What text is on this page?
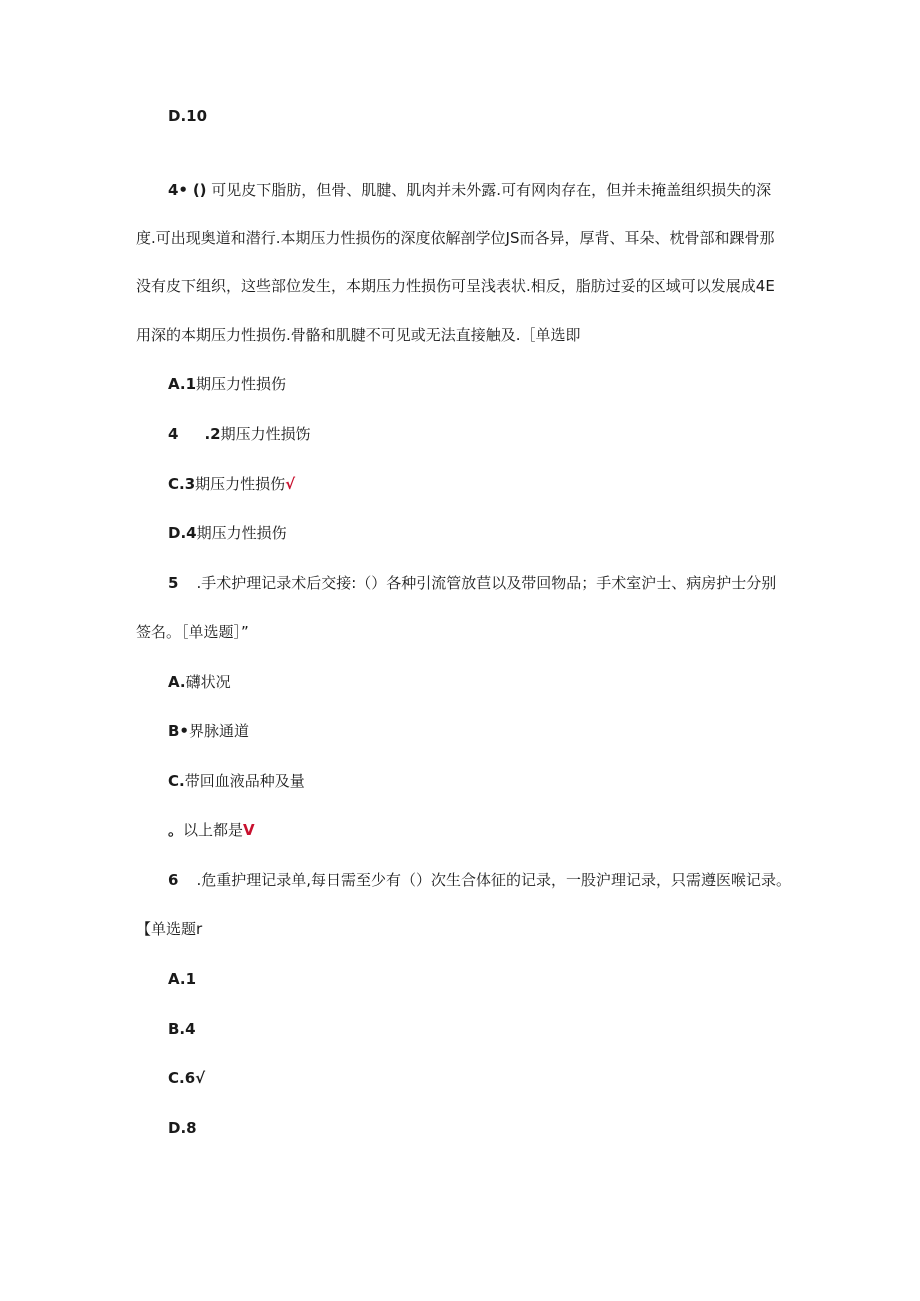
D.10

4• () 可见皮下脂肪，但骨、肌腱、肌肉并未外露.可有网肉存在，但并未掩盖组织损失的深

度.可出现奥道和潜行.本期压力性损伤的深度依解剖学位JS而各异，厚背、耳朵、枕骨部和踝骨那

没有皮下组织，这些部位发生，本期压力性损伤可呈浅表状.相反，脂肪过妥的区域可以发展成4E

用深的本期压力性损伤.骨骼和肌腱不可见或无法直接触及.［单选即

A.1期压力性损伤

4 .2期压力性损饬

C.3期压力性损伤√

D.4期压力性损伤

5 .手术护理记录术后交接:（）各种引流管放苣以及带回物品；手术室沪士、病房护士分别

签名。［单选题］”

A.礴状况

B•界脉通道

C.带回血液品种及量

。以上都是V

6 .危重护理记录单,每日需至少有（）次生合体征的记录，一股沪理记录，只需遵医喉记录。

【单选题r

A.1

B.4

C.6√

D.8
